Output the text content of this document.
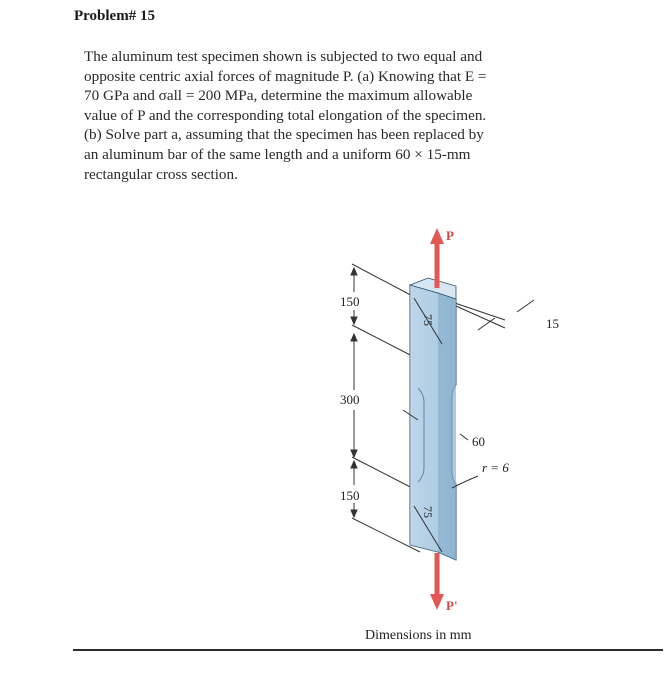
Problem# 15
The aluminum test specimen shown is subjected to two equal and
opposite centric axial forces of magnitude P. (a) Knowing that E =
70 GPa and σall = 200 MPa, determine the maximum allowable
value of P and the corresponding total elongation of the specimen.
(b) Solve part a, assuming that the specimen has been replaced by
an aluminum bar of the same length and a uniform 60 × 15-mm
rectangular cross section.
P
P'
150
300
150
75
75
15
60
r = 6
Dimensions in mm
